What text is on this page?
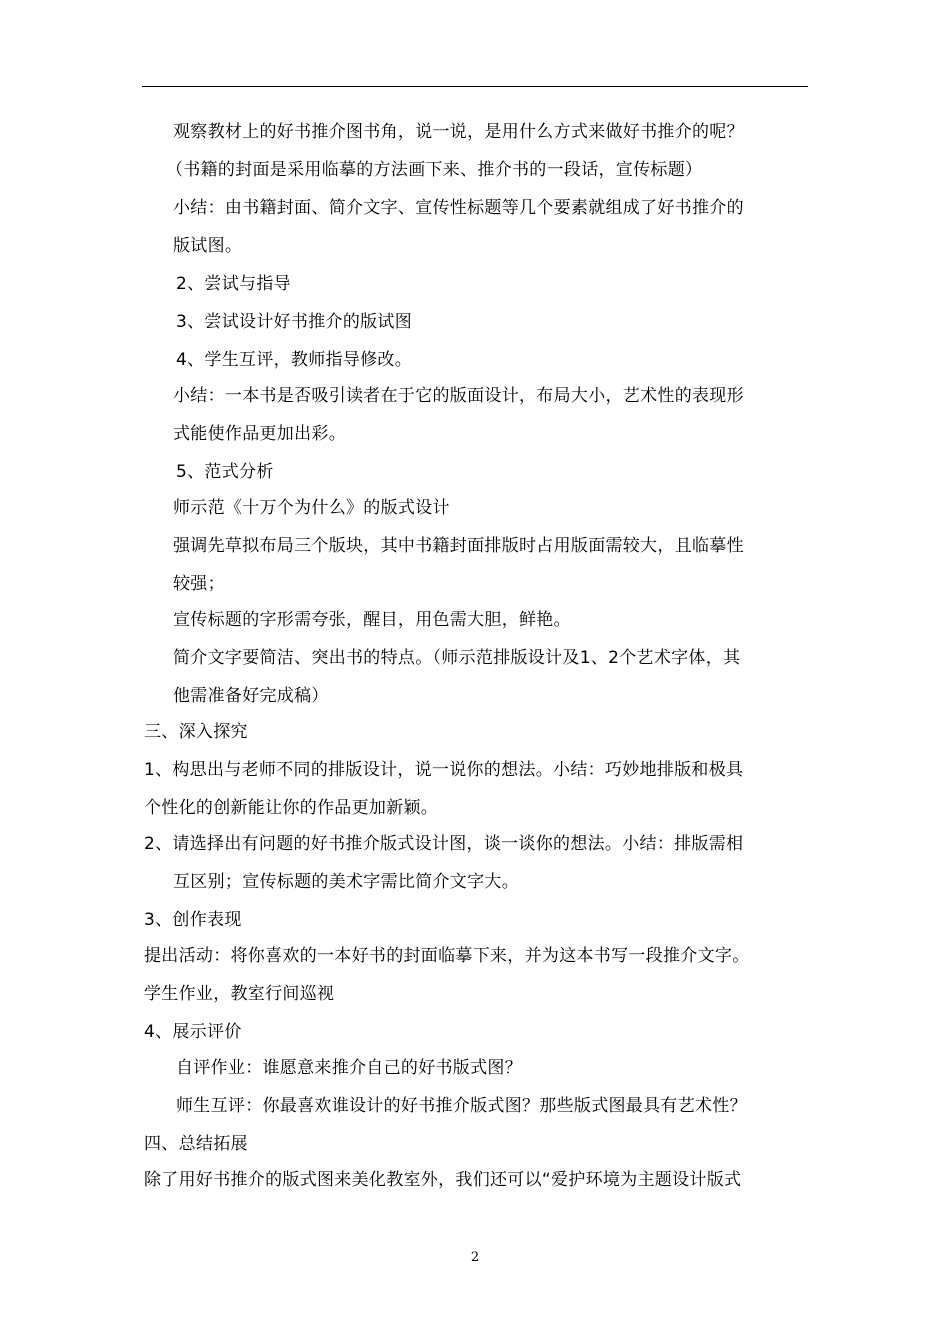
观察教材上的好书推介图书角，说一说，是用什么方式来做好书推介的呢？
（书籍的封面是采用临摹的方法画下来、推介书的一段话，宣传标题）
小结：由书籍封面、简介文字、宣传性标题等几个要素就组成了好书推介的
版试图。
2、尝试与指导
3、尝试设计好书推介的版试图
4、学生互评，教师指导修改。
小结：一本书是否吸引读者在于它的版面设计，布局大小，艺术性的表现形
式能使作品更加出彩。
5、范式分析
师示范《十万个为什么》的版式设计
强调先草拟布局三个版块，其中书籍封面排版时占用版面需较大，且临摹性
较强；
宣传标题的字形需夸张，醒目，用色需大胆，鲜艳。
简介文字要简洁、突出书的特点。（师示范排版设计及1、2个艺术字体，其
他需准备好完成稿）
三、深入探究
1、构思出与老师不同的排版设计，说一说你的想法。小结：巧妙地排版和极具
个性化的创新能让你的作品更加新颖。
2、请选择出有问题的好书推介版式设计图，谈一谈你的想法。小结：排版需相
互区别；宣传标题的美术字需比简介文字大。
3、创作表现
提出活动：将你喜欢的一本好书的封面临摹下来，并为这本书写一段推介文字。
学生作业，教室行间巡视
4、展示评价
自评作业：谁愿意来推介自己的好书版式图？
师生互评：你最喜欢谁设计的好书推介版式图？那些版式图最具有艺术性？
四、总结拓展
除了用好书推介的版式图来美化教室外，我们还可以“爱护环境为主题设计版式
2
